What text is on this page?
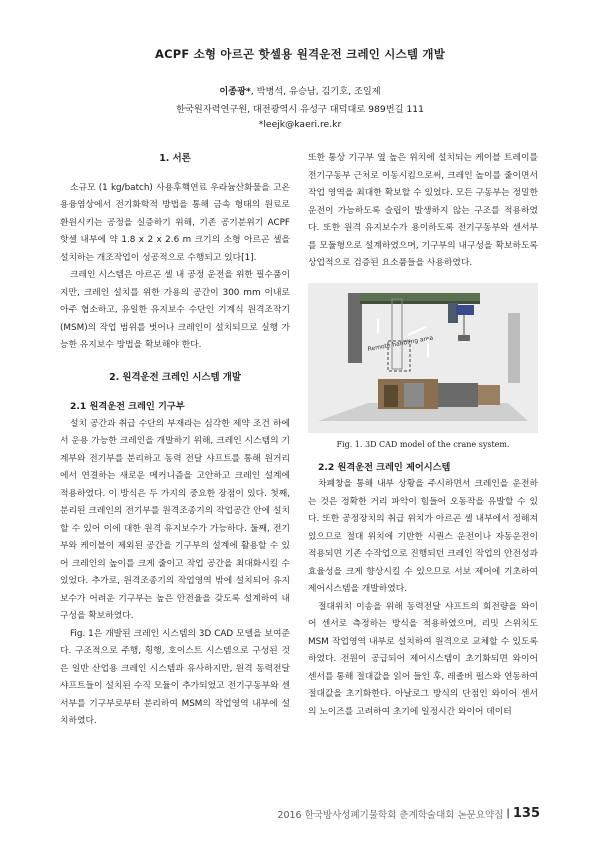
ACPF 소형 아르곤 핫셀용 원격운전 크레인 시스템 개발
이종광*, 박병석, 유승남, 김기호, 조일제
한국원자력연구원, 대전광역시 유성구 대덕대로 989번길 111
*leejk@kaeri.re.kr
1. 서론

소규모 (1 kg/batch) 사용후핵연료 우라늄산화물을 고온 용융염상에서 전기화학적 방법을 통해 금속 형태의 원료로 환원시키는 공정을 실증하기 위해, 기존 공기분위기 ACPF 핫셀 내부에 약 1.8 x 2 x 2.6 m 크기의 소형 아르곤 셀을 설치하는 개조작업이 성공적으로 수행되고 있다[1].

크레인 시스템은 아르곤 셀 내 공정 운전을 위한 필수품이지만, 크레인 설치를 위한 가용의 공간이 300 mm 이내로 아주 협소하고, 유일한 유지보수 수단인 기계식 원격조작기(MSM)의 작업 범위를 벗어나 크레인이 설치되므로 실행 가능한 유지보수 방법을 확보해야 한다.

2. 원격운전 크레인 시스템 개발

2.1 원격운전 크레인 기구부

설치 공간과 취급 수단의 부재라는 심각한 제약 조건 하에서 운용 가능한 크레인을 개발하기 위해, 크레인 시스템의 기계부와 전기부를 분리하고 동력 전달 샤프트를 통해 원거리에서 연결하는 새로운 메커니즘을 고안하고 크레인 설계에 적용하였다. 이 방식은 두 가지의 중요한 장점이 있다. 첫째, 분리된 크레인의 전기부를 원격조종기의 작업공간 안에 설치할 수 있어 이에 대한 원격 유지보수가 가능하다. 둘째, 전기부와 케이블이 제외된 공간을 기구부의 설계에 활용할 수 있어 크레인의 높이를 크게 줄이고 작업 공간을 최대화시킬 수 있었다. 추가로, 원격조종기의 작업영역 밖에 설치되어 유지보수가 어려운 기구부는 높은 안전율을 갖도록 설계하여 내구성을 확보하였다.

Fig. 1은 개발된 크레인 시스템의 3D CAD 모델을 보여준다. 구조적으로 주행, 횡행, 호이스트 시스템으로 구성된 것은 일반 산업용 크레인 시스템과 유사하지만, 원격 동력전달 샤프트들이 설치된 수직 모듈이 추가되었고 전기구동부와 센서부를 기구부로부터 분리하여 MSM의 작업영역 내부에 설치하였다.

또한 통상 기구부 옆 높은 위치에 설치되는 케이블 트레이를 전기구동부 근처로 이동시킴으로써, 크레인 높이를 줄이면서 작업 영역을 최대한 확보할 수 있었다. 모든 구동부는 정밀한 운전이 가능하도록 슬립이 발생하지 않는 구조를 적용하였다. 또한 원격 유지보수가 용이하도록 전기구동부와 센서부를 모듈형으로 설계하였으며, 기구부의 내구성을 확보하도록 상업적으로 검증된 요소품들을 사용하였다.

Remote handling area
Fig. 1. 3D CAD model of the crane system.

2.2 원격운전 크레인 제어시스템

차폐창을 통해 내부 상황을 주시하면서 크레인을 운전하는 것은 정확한 거리 파악이 힘들어 오동작을 유발할 수 있다. 또한 공정장치의 취급 위치가 아르곤 셀 내부에서 정해져 있으므로 절대 위치에 기반한 시퀀스 운전이나 자동운전이 적용되면 기존 수작업으로 진행되던 크레인 작업의 안전성과 효율성을 크게 향상시킬 수 있으므로 서보 제어에 기초하여 제어시스템을 개발하였다.

절대위치 이송을 위해 동력전달 샤프트의 회전량을 와이어 센서로 측정하는 방식을 적용하였으며, 리밋 스위치도 MSM 작업영역 내부로 설치하여 원격으로 교체할 수 있도록 하였다. 전원이 공급되어 제어시스템이 초기화되면 와이어 센서를 통해 절대값을 읽어 들인 후, 레졸버 펄스와 연동하여 절대값을 초기화한다. 아날로그 방식의 단점인 와이어 센서의 노이즈를 고려하여 초기에 일정시간 와이어 데이터

2016 한국방사성폐기물학회 춘계학술대회 논문요약집 | 135
